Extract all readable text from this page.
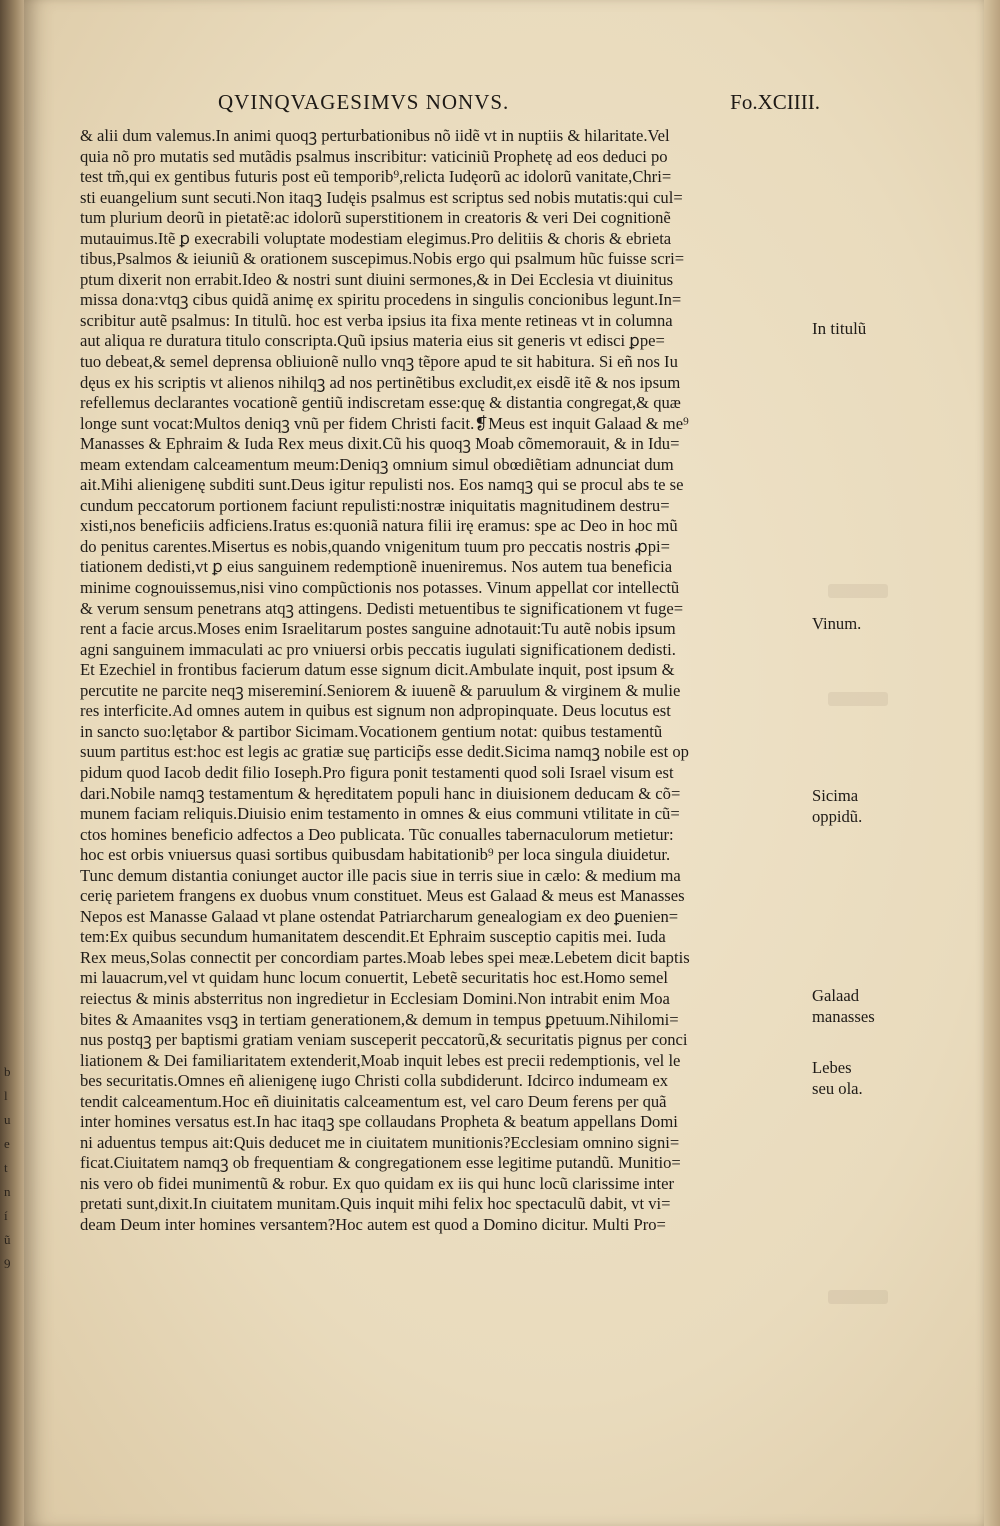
b
l
u
e
t
n
í
ũ
9
QVINQVAGESIMVS NONVS.	Fo.XCIIII.
& alii dum valemus.In animi quoqꝫ perturbationibus nõ iidẽ vt in nuptiis & hilaritate.Vel
quia nõ pro mutatis sed mutãdis psalmus inscribitur: vaticiniũ Prophetę ad eos deduci po
test tm̃,qui ex gentibus futuris post eũ temporib⁹,relicta Iudęorũ ac idolorũ vanitate,Chri=
sti euangelium sunt secuti.Non itaqꝫ Iudęis psalmus est scriptus sed nobis mutatis:qui cul=
tum plurium deorũ in pietatẽ:ac idolorũ superstitionem in creatoris & veri Dei cognitionẽ
mutauimus.Itẽ ꝑ execrabili voluptate modestiam elegimus.Pro delitiis & choris & ebrieta
tibus,Psalmos & ieiuniũ & orationem suscepimus.Nobis ergo qui psalmum hũc fuisse scri=
ptum dixerit non errabit.Ideo & nostri sunt diuini sermones,& in Dei Ecclesia vt diuinitus
missa dona:vtqꝫ cibus quidã animę ex spiritu procedens in singulis concionibus legunt.In=
scribitur autẽ psalmus: In titulũ. hoc est verba ipsius ita fixa mente retineas vt in columna
aut aliqua re duratura titulo conscripta.Quũ ipsius materia eius sit generis vt edisci ꝑpe=
tuo debeat,& semel deprensa obliuionẽ nullo vnqꝫ tẽpore apud te sit habitura. Si eñ nos Iu
dęus ex his scriptis vt alienos nihilqꝫ ad nos pertinẽtibus excludit,ex eisdẽ itẽ & nos ipsum
refellemus declarantes vocationẽ gentiũ indiscretam esse:quę & distantia congregat,& quæ
longe sunt vocat:Multos deniqꝫ vnũ per fidem Christi facit.❡Meus est inquit Galaad & me⁹
Manasses & Ephraim & Iuda Rex meus dixit.Cũ his quoqꝫ Moab cõmemorauit, & in Idu=
meam extendam calceamentum meum:Deniqꝫ omnium simul obœdiẽtiam adnunciat dum
ait.Mihi alienigenę subditi sunt.Deus igitur repulisti nos. Eos namqꝫ qui se procul abs te se
cundum peccatorum portionem faciunt repulisti:nostræ iniquitatis magnitudinem destru=
xisti,nos beneficiis adficiens.Iratus es:quoniã natura filii irę eramus: spe ac Deo in hoc mũ
do penitus carentes.Misertus es nobis,quando vnigenitum tuum pro peccatis nostris ꝓpi=
tiationem dedisti,vt ꝑ eius sanguinem redemptionẽ inueniremus. Nos autem tua beneficia
minime cognouissemus,nisi vino compũctionis nos potasses. Vinum appellat cor intellectũ
& verum sensum penetrans atqꝫ attingens. Dedisti metuentibus te significationem vt fuge=
rent a facie arcus.Moses enim Israelitarum postes sanguine adnotauit:Tu autẽ nobis ipsum
agni sanguinem immaculati ac pro vniuersi orbis peccatis iugulati significationem dedisti.
Et Ezechiel in frontibus facierum datum esse signum dicit.Ambulate inquit, post ipsum &
percutite ne parcite neqꝫ misereminí.Seniorem & iuuenẽ & paruulum & virginem & mulie
res interficite.Ad omnes autem in quibus est signum non adpropinquate. Deus locutus est
in sancto suo:lętabor & partibor Sicimam.Vocationem gentium notat: quibus testamentũ
suum partitus est:hoc est legis ac gratiæ suę particip̃s esse dedit.Sicima namqꝫ nobile est op
pidum quod Iacob dedit filio Ioseph.Pro figura ponit testamenti quod soli Israel visum est
dari.Nobile namqꝫ testamentum & hęreditatem populi hanc in diuisionem deducam & cõ=
munem faciam reliquis.Diuisio enim testamento in omnes & eius communi vtilitate in cũ=
ctos homines beneficio adfectos a Deo publicata. Tũc conualles tabernaculorum metietur:
hoc est orbis vniuersus quasi sortibus quibusdam habitationib⁹ per loca singula diuidetur.
Tunc demum distantia coniunget auctor ille pacis siue in terris siue in cælo: & medium ma
cerię parietem frangens ex duobus vnum constituet. Meus est Galaad & meus est Manasses
Nepos est Manasse Galaad vt plane ostendat Patriarcharum genealogiam ex deo ꝑuenien=
tem:Ex quibus secundum humanitatem descendit.Et Ephraim susceptio capitis mei. Iuda
Rex meus,Solas connectit per concordiam partes.Moab lebes spei meæ.Lebetem dicit baptis
mi lauacrum,vel vt quidam hunc locum conuertit, Lebetẽ securitatis hoc est.Homo semel
reiectus & minis absterritus non ingredietur in Ecclesiam Domini.Non intrabit enim Moa
bites & Amaanites vsqꝫ in tertiam generationem,& demum in tempus ꝑpetuum.Nihilomi=
nus postqꝫ per baptismi gratiam veniam susceperit peccatorũ,& securitatis pignus per conci
liationem & Dei familiaritatem extenderit,Moab inquit lebes est precii redemptionis, vel le
bes securitatis.Omnes eñ alienigenę iugo Christi colla subdiderunt. Idcirco indumeam ex
tendit calceamentum.Hoc eñ diuinitatis calceamentum est, vel caro Deum ferens per quã
inter homines versatus est.In hac itaqꝫ spe collaudans Propheta & beatum appellans Domi
ni aduentus tempus ait:Quis deducet me in ciuitatem munitionis?Ecclesiam omnino signi=
ficat.Ciuitatem namqꝫ ob frequentiam & congregationem esse legitime putandũ. Munitio=
nis vero ob fidei munimentũ & robur. Ex quo quidam ex iis qui hunc locũ clarissime inter
pretati sunt,dixit.In ciuitatem munitam.Quis inquit mihi felix hoc spectaculũ dabit, vt vi=
deam Deum inter homines versantem?Hoc autem est quod a Domino dicitur. Multi Pro=
In titulũ
Vinum.
Sicima
oppidũ.
Galaad
manasses
Lebes
seu ola.
